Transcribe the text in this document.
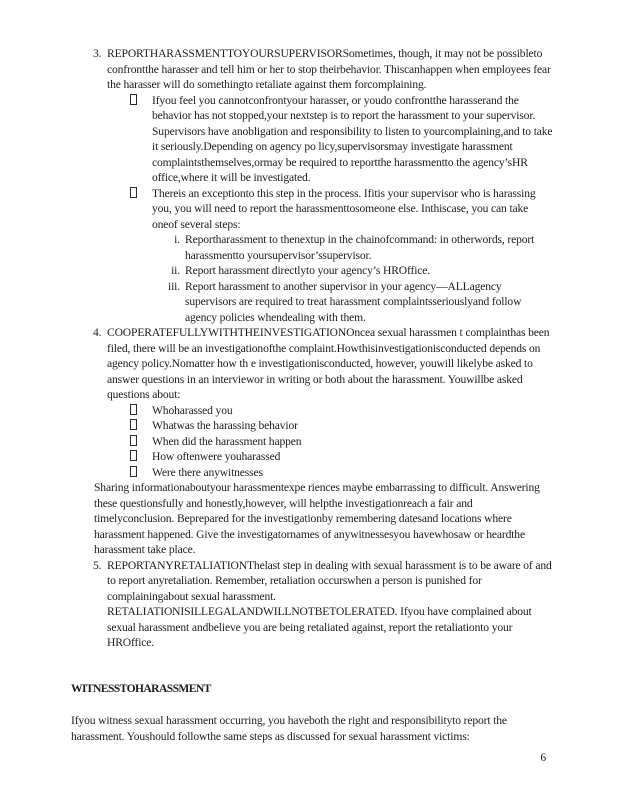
3. REPORTHARASSMENTTOYOURSUPERVISORSometimes, though, it may not be possibleto confrontthe harasser and tell him or her to stop theirbehavior. Thiscanhappen when employees fear the harasser will do somethingto retaliate against them forcomplaining.

Ifyou feel you cannotconfrontyour harasser, or youdo confrontthe harasserand the behavior has not stopped,your nextstep is to report the harassment to your supervisor. Supervisors have anobligation and responsibility to listen to yourcomplaining,and to take it seriously.Depending on agency po licy,supervisorsmay investigate harassment complaintsthemselves,ormay be required to reportthe harassmentto the agency’sHR office,where it will be investigated.

Thereis an exceptionto this step in the process. Ifitis your supervisor who is harassing you, you will need to report the harassmenttosomeone else. Inthiscase, you can take oneof several steps:

i. Reportharassment to thenextup in the chainofcommand: in otherwords, report harassmentto yoursupervisor’ssupervisor.

ii. Report harassment directlyto your agency’s HROffice.

iii. Report harassment to another supervisor in your agency—ALLagency supervisors are required to treat harassment complaintsseriouslyand follow agency policies whendealing with them.

4. COOPERATEFULLYWITHTHEINVESTIGATIONOncea sexual harassmen t complainthas been filed, there will be an investigationofthe complaint.Howthisinvestigationisconducted depends on agency policy.Nomatter how th e investigationisconducted, however, youwill likelybe asked to answer questions in an interviewor in writing or both about the harassment. Youwillbe asked questions about:

Whoharassed you

Whatwas the harassing behavior

When did the harassment happen

How oftenwere youharassed

Were there anywitnesses

Sharing informationaboutyour harassmentexpe riences maybe embarrassing to difficult. Answering these questionsfully and honestly,however, will helpthe investigationreach a fair and timelyconclusion. Beprepared for the investigationby remembering datesand locations where harassment happened. Give the investigatornames of anywitnessesyou havewhosaw or heardthe harassment take place.

5. REPORTANYRETALIATIONThelast step in dealing with sexual harassment is to be aware of and to report anyretaliation. Remember, retaliation occurswhen a person is punished for complainingabout sexual harassment. RETALIATIONISILLEGALANDWILLNOTBETOLERATED. Ifyou have complained about sexual harassment andbelieve you are being retaliated against, report the retaliationto your HROffice.

WITNESSTOHARASSMENT

Ifyou witness sexual harassment occurring, you haveboth the right and responsibilityto report the harassment. Youshould followthe same steps as discussed for sexual harassment victims:

6
